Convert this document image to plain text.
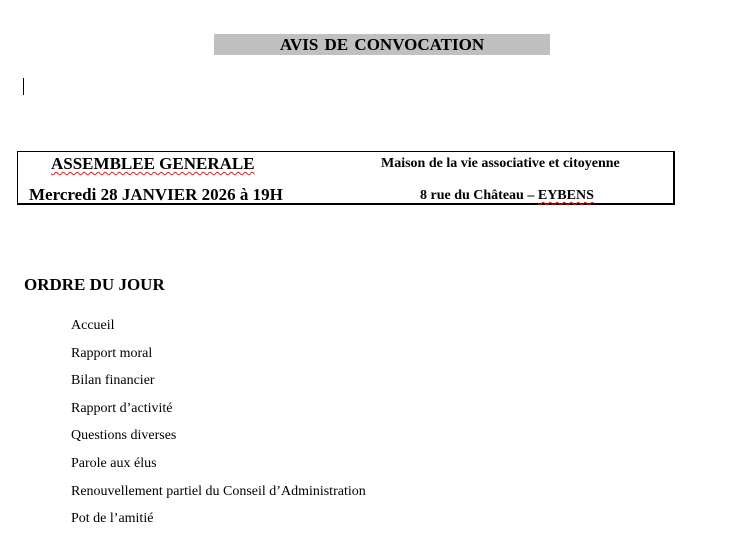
AVIS DE CONVOCATION
ASSEMBLEE GENERALE
Mercredi 28 JANVIER 2026 à 19H
Maison de la vie associative et citoyenne
8 rue du Château – EYBENS
ORDRE DU JOUR
Accueil
Rapport moral
Bilan financier
Rapport d’activité
Questions diverses
Parole aux élus
Renouvellement partiel du Conseil d’Administration
Pot de l’amitié
